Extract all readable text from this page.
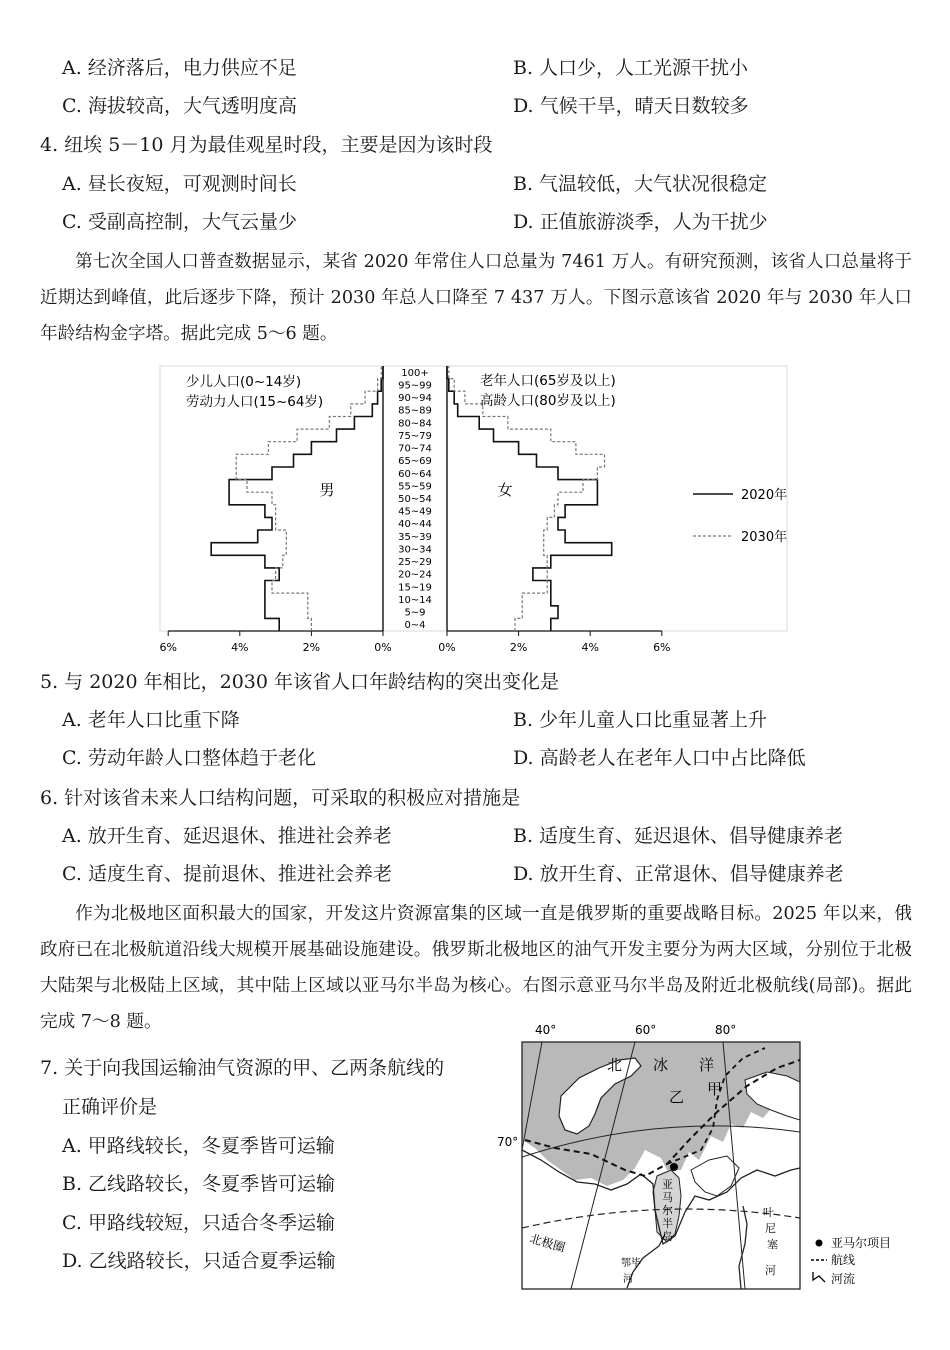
A. 经济落后，电力供应不足	B. 人口少，人工光源干扰小
C. 海拔较高，大气透明度高	D. 气候干旱，晴天日数较多
4. 纽埃 5－10 月为最佳观星时段，主要是因为该时段
A. 昼长夜短，可观测时间长	B. 气温较低，大气状况很稳定
C. 受副高控制，大气云量少	D. 正值旅游淡季，人为干扰少

第七次全国人口普查数据显示，某省 2020 年常住人口总量为 7461 万人。有研究预测，该省人口总量将于近期达到峰值，此后逐步下降，预计 2030 年总人口降至 7 437 万人。下图示意该省 2020 年与 2030 年人口年龄结构金字塔。据此完成 5～6 题。

0%	0%
2%	2%
4%	4%
6%	6%
0~4
5~9
10~14
15~19
20~24
25~29
30~34
35~39
40~44
45~49
50~54
55~59
60~64
65~69
70~74
75~79
80~84
85~89
90~94
95~99
100+
男	女
少儿人口(0~14岁)
劳动力人口(15~64岁)
老年人口(65岁及以上)
高龄人口(80岁及以上)
2020年
2030年
5. 与 2020 年相比，2030 年该省人口年龄结构的突出变化是
A. 老年人口比重下降	B. 少年儿童人口比重显著上升
C. 劳动年龄人口整体趋于老化	D. 高龄老人在老年人口中占比降低
6. 针对该省未来人口结构问题，可采取的积极应对措施是
A. 放开生育、延迟退休、推进社会养老	B. 适度生育、延迟退休、倡导健康养老
C. 适度生育、提前退休、推进社会养老	D. 放开生育、正常退休、倡导健康养老

作为北极地区面积最大的国家，开发这片资源富集的区域一直是俄罗斯的重要战略目标。2025 年以来，俄政府已在北极航道沿线大规模开展基础设施建设。俄罗斯北极地区的油气开发主要分为两大区域，分别位于北极大陆架与北极陆上区域，其中陆上区域以亚马尔半岛为核心。右图示意亚马尔半岛及附近北极航线(局部)。据此完成 7～8 题。

7. 关于向我国运输油气资源的甲、乙两条航线的
正确评价是
A. 甲路线较长，冬夏季皆可运输
B. 乙线路较长，冬夏季皆可运输
C. 甲路线较短，只适合冬季运输
D. 乙线路较长，只适合夏季运输
40°	60°	80°
70°
北 冰 洋
乙 甲
亚
马
尔
半
岛
北极圈
叶
尼
塞
河
鄂 毕
河
亚马尔项目
航线
河流
